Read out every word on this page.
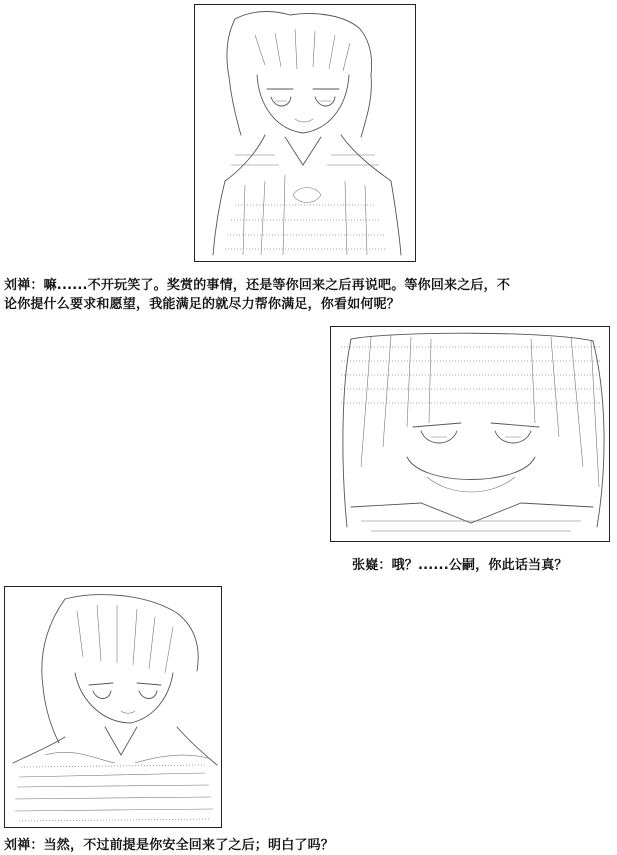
刘禅：嘛......不开玩笑了。奖赏的事情，还是等你回来之后再说吧。等你回来之后，不
论你提什么要求和愿望，我能满足的就尽力帮你满足，你看如何呢？
张嶷：哦？......公嗣，你此话当真？
刘禅：当然，不过前提是你安全回来了之后；明白了吗？
